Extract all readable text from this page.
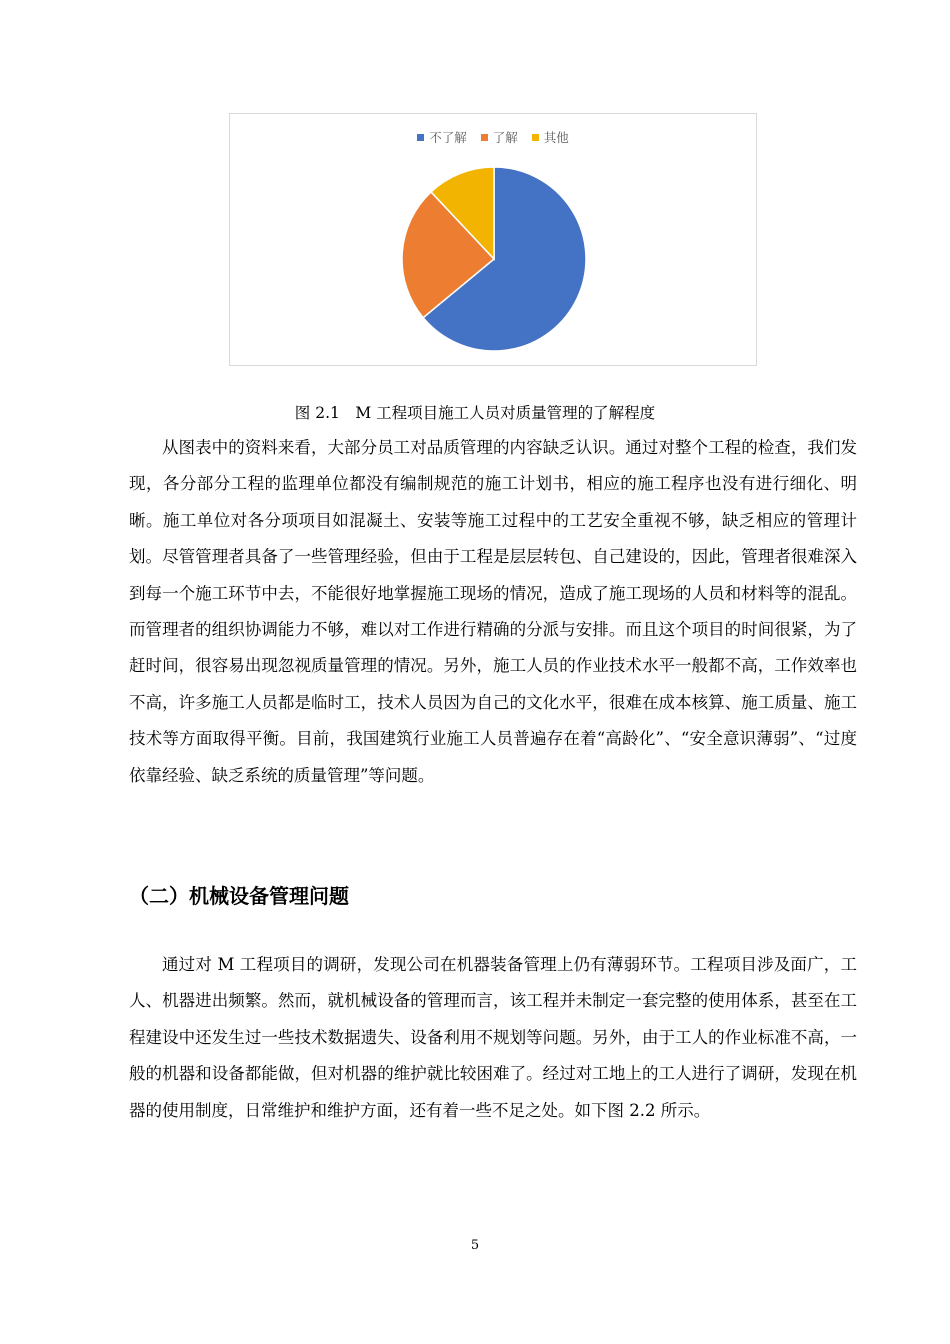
不了解 了解 其他
图 2.1　M 工程项目施工人员对质量管理的了解程度

从图表中的资料来看，大部分员工对品质管理的内容缺乏认识。通过对整个工程的检查，我们发现，各分部分工程的监理单位都没有编制规范的施工计划书，相应的施工程序也没有进行细化、明晰。施工单位对各分项项目如混凝土、安装等施工过程中的工艺安全重视不够，缺乏相应的管理计划。尽管管理者具备了一些管理经验，但由于工程是层层转包、自己建设的，因此，管理者很难深入到每一个施工环节中去，不能很好地掌握施工现场的情况，造成了施工现场的人员和材料等的混乱。而管理者的组织协调能力不够，难以对工作进行精确的分派与安排。而且这个项目的时间很紧，为了赶时间，很容易出现忽视质量管理的情况。另外，施工人员的作业技术水平一般都不高，工作效率也不高，许多施工人员都是临时工，技术人员因为自己的文化水平，很难在成本核算、施工质量、施工技术等方面取得平衡。目前，我国建筑行业施工人员普遍存在着“高龄化”、“安全意识薄弱”、“过度依靠经验、缺乏系统的质量管理”等问题。

（二）机械设备管理问题

通过对 M 工程项目的调研，发现公司在机器装备管理上仍有薄弱环节。工程项目涉及面广，工人、机器进出频繁。然而，就机械设备的管理而言，该工程并未制定一套完整的使用体系，甚至在工程建设中还发生过一些技术数据遗失、设备利用不规划等问题。另外，由于工人的作业标准不高，一般的机器和设备都能做，但对机器的维护就比较困难了。经过对工地上的工人进行了调研，发现在机器的使用制度，日常维护和维护方面，还有着一些不足之处。如下图 2.2 所示。

5
